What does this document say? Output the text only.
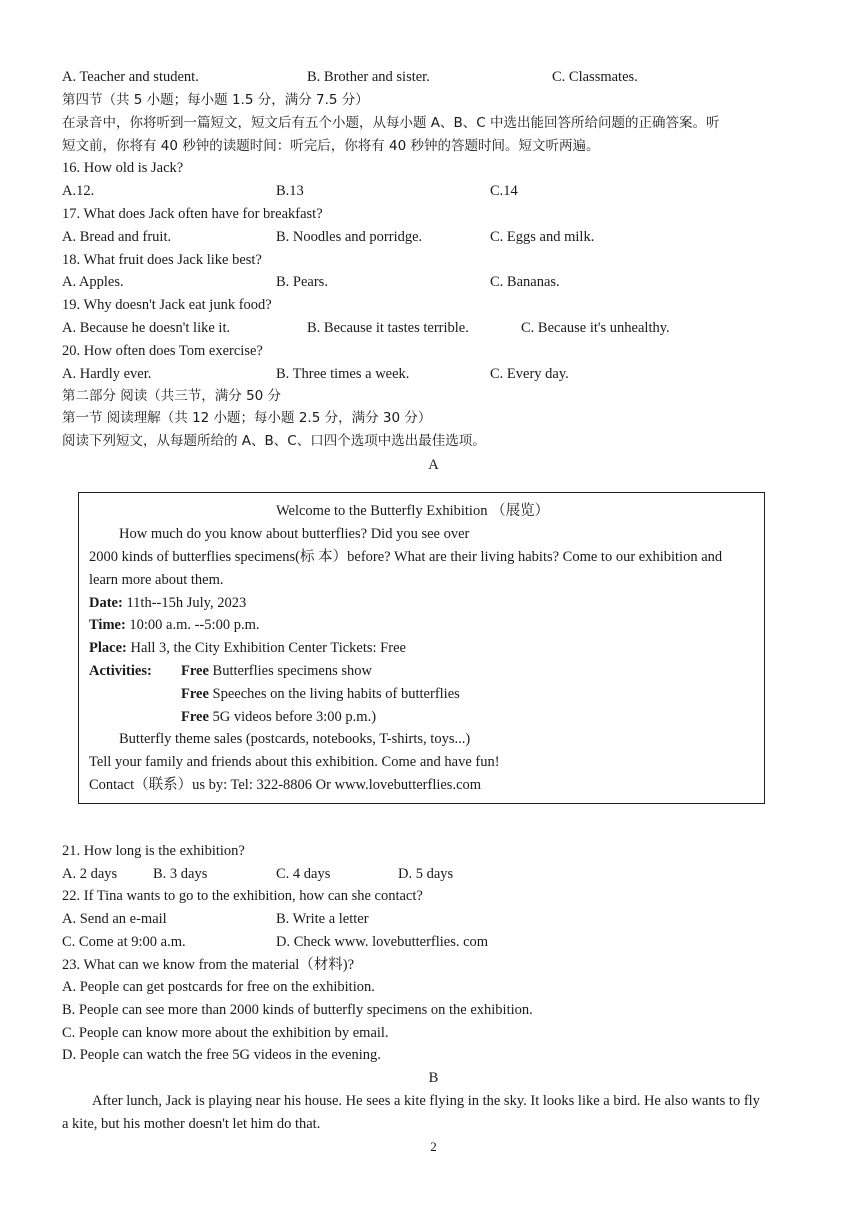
A. Teacher and student.	B. Brother and sister.	C. Classmates.
第四节（共 5 小题；每小题 1.5 分，满分 7.5 分）
在录音中，你将听到一篇短文，短文后有五个小题，从每小题 A、B、C 中选出能回答所给问题的正确答案。听
短文前，你将有 40 秒钟的读题时间：听完后，你将有 40 秒钟的答题时间。短文听两遍。
16. How old is Jack?
A.12.	B.13	C.14
17. What does Jack often have for breakfast?
A. Bread and fruit.	B. Noodles and porridge.	C. Eggs and milk.
18. What fruit does Jack like best?
A. Apples.	B. Pears.	C. Bananas.
19. Why doesn't Jack eat junk food?
A. Because he doesn't like it.	B. Because it tastes terrible.	C. Because it's unhealthy.
20. How often does Tom exercise?
A. Hardly ever.	B. Three times a week.	C. Every day.
第二部分 阅读（共三节，满分 50 分
第一节 阅读理解（共 12 小题；每小题 2.5 分，满分 30 分）
阅读下列短文，从每题所给的 A、B、C、口四个选项中选出最佳选项。
A
Welcome to the Butterfly Exhibition （展览）
How much do you know about butterflies? Did you see over
2000 kinds of butterflies specimens(标 本）before? What are their living habits? Come to our exhibition and
learn more about them.
Date: 11th--15h July, 2023
Time: 10:00 a.m. --5:00 p.m.
Place: Hall 3, the City Exhibition Center Tickets: Free
Activities: Free Butterflies specimens show
Free Speeches on the living habits of butterflies
Free 5G videos before 3:00 p.m.)
Butterfly theme sales (postcards, notebooks, T-shirts, toys...)
Tell your family and friends about this exhibition. Come and have fun!
Contact（联系）us by: Tel: 322-8806 Or www.lovebutterflies.com
21. How long is the exhibition?
A. 2 days B. 3 days	C. 4 days	D. 5 days
22. If Tina wants to go to the exhibition, how can she contact?
A. Send an e-mail	B. Write a letter
C. Come at 9:00 a.m.	D. Check www. lovebutterflies. com
23. What can we know from the material（材料)?
A. People can get postcards for free on the exhibition.
B. People can see more than 2000 kinds of butterfly specimens on the exhibition.
C. People can know more about the exhibition by email.
D. People can watch the free 5G videos in the evening.
B
After lunch, Jack is playing near his house. He sees a kite flying in the sky. It looks like a bird. He also wants to fly
a kite, but his mother doesn't let him do that.
2
